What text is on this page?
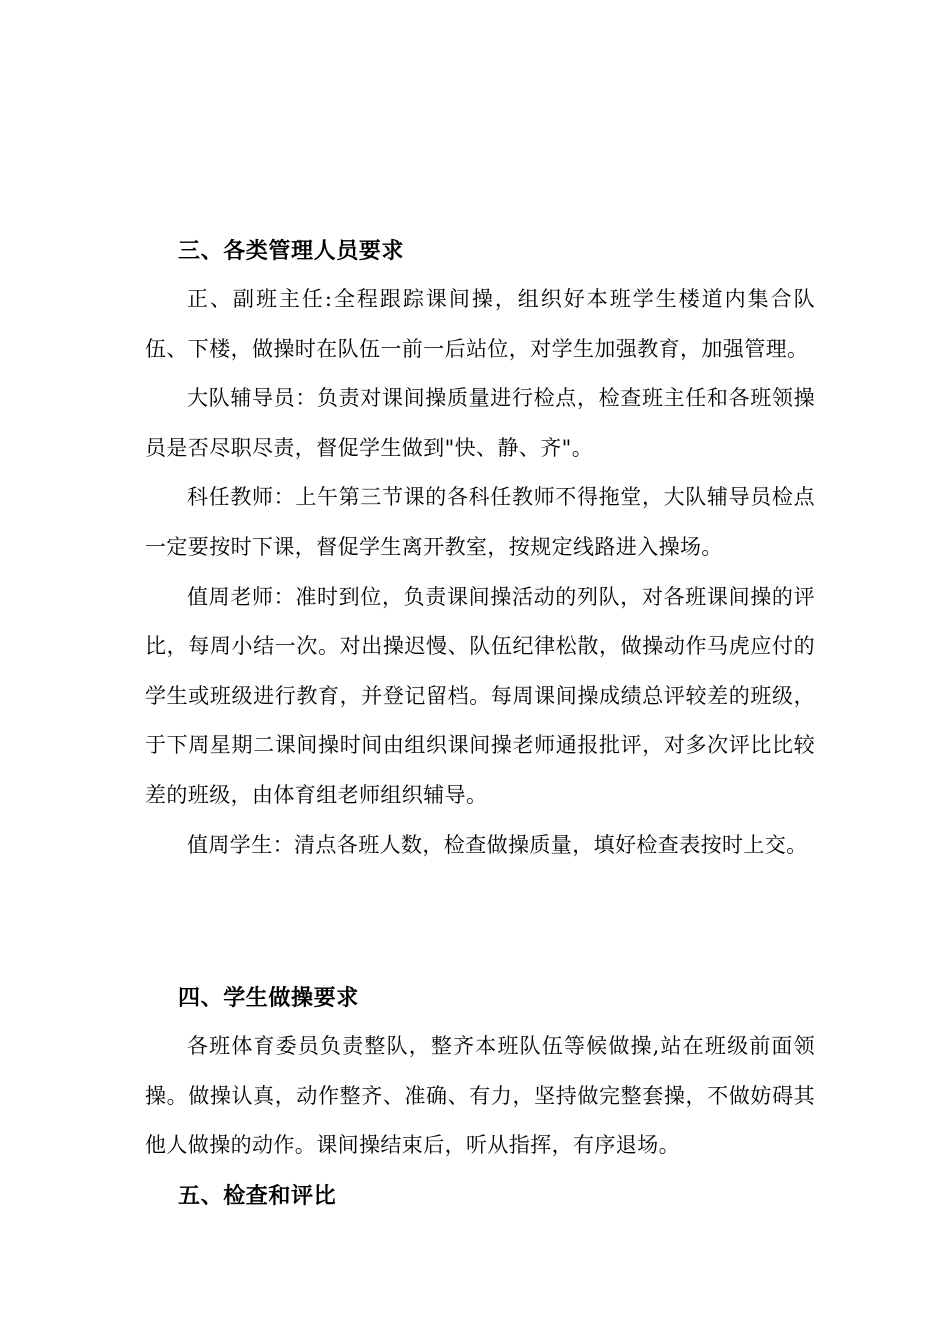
三、各类管理人员要求

正、副班主任:全程跟踪课间操，组织好本班学生楼道内集合队伍、下楼，做操时在队伍一前一后站位，对学生加强教育，加强管理。

大队辅导员：负责对课间操质量进行检点，检查班主任和各班领操员是否尽职尽责，督促学生做到"快、静、齐"。

科任教师：上午第三节课的各科任教师不得拖堂，大队辅导员检点一定要按时下课，督促学生离开教室，按规定线路进入操场。

值周老师：准时到位，负责课间操活动的列队，对各班课间操的评比，每周小结一次。对出操迟慢、队伍纪律松散，做操动作马虎应付的学生或班级进行教育，并登记留档。每周课间操成绩总评较差的班级，于下周星期二课间操时间由组织课间操老师通报批评，对多次评比比较差的班级，由体育组老师组织辅导。

值周学生：清点各班人数，检查做操质量，填好检查表按时上交。

四、学生做操要求

各班体育委员负责整队，整齐本班队伍等候做操,站在班级前面领操。做操认真，动作整齐、准确、有力，坚持做完整套操，不做妨碍其他人做操的动作。课间操结束后，听从指挥，有序退场。

五、检查和评比
